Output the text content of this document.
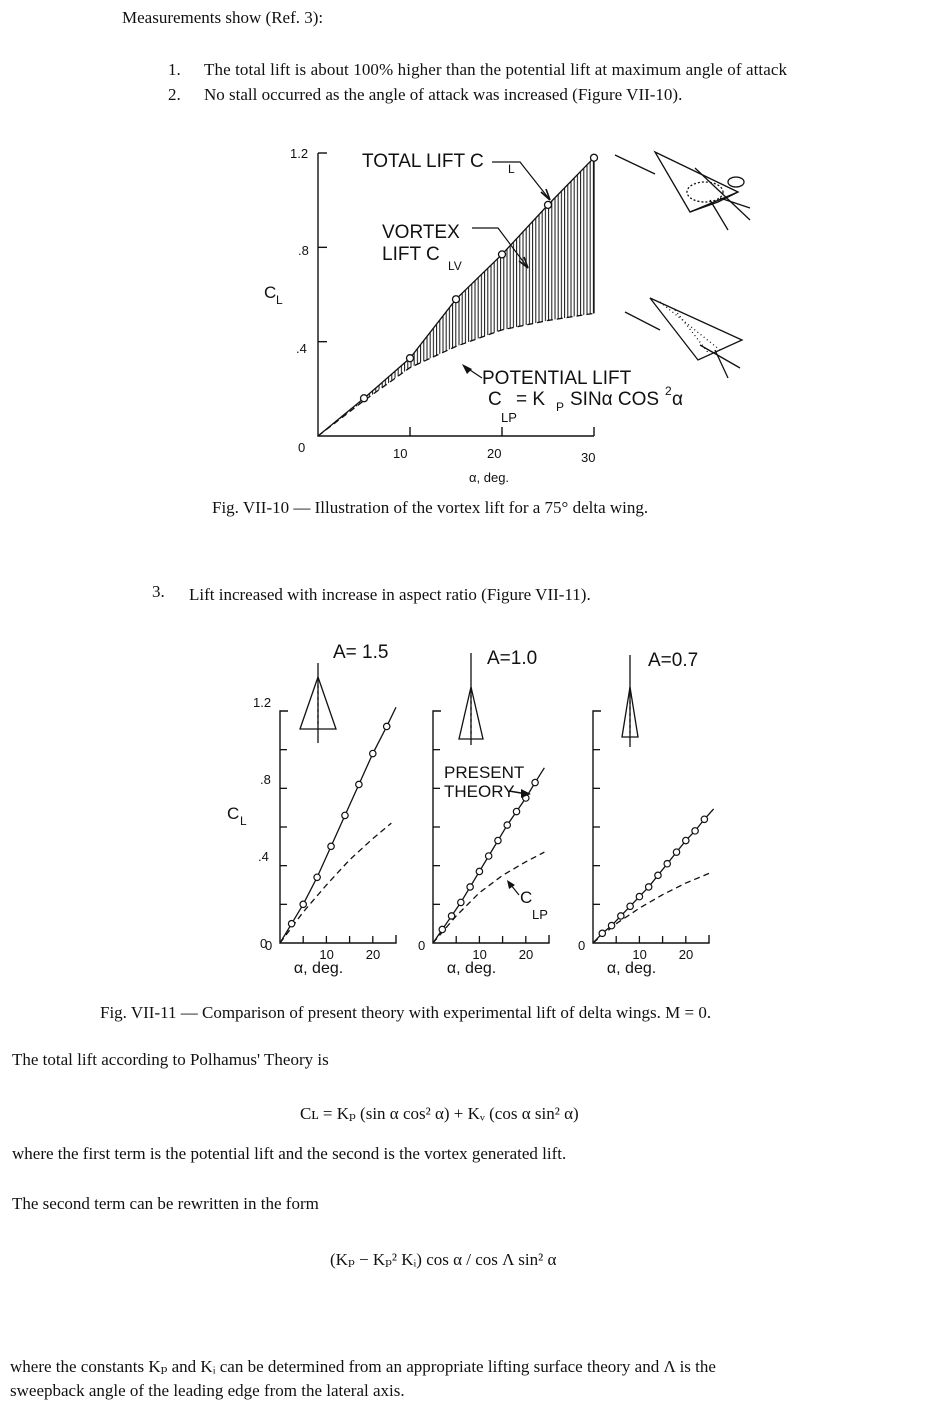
Measurements show (Ref. 3):
1. The total lift is about 100% higher than the potential lift at maximum angle of attack
2. No stall occurred as the angle of attack was increased (Figure VII-10).
C L
1.2
.8
.4
0	10	20	30
α, deg.
TOTAL LIFT C L
VORTEX
LIFT C
LV
POTENTIAL LIFT
C
LP
= K P SINα COS 2 α
Fig. VII-10 — Illustration of the vortex lift for a 75° delta wing.
3. Lift increased with increase in aspect ratio (Figure VII-11).
0
10 20
α, deg.
0
10 20
α, deg.
0
10 20
α, deg.
0
C L
1.2
.8
.4
A= 1.5	A=1.0	A=0.7
PRESENT
THEORY
C
LP
Fig. VII-11 — Comparison of present theory with experimental lift of delta wings. M = 0.
The total lift according to Polhamus' Theory is
Cʟ = Kₚ (sin α cos² α) + Kᵥ (cos α sin² α)
where the first term is the potential lift and the second is the vortex generated lift.
The second term can be rewritten in the form
(Kₚ − Kₚ² Kᵢ) cos α / cos Λ sin² α
where the constants Kₚ and Kᵢ can be determined from an appropriate lifting surface theory and Λ is the
sweepback angle of the leading edge from the lateral axis.
